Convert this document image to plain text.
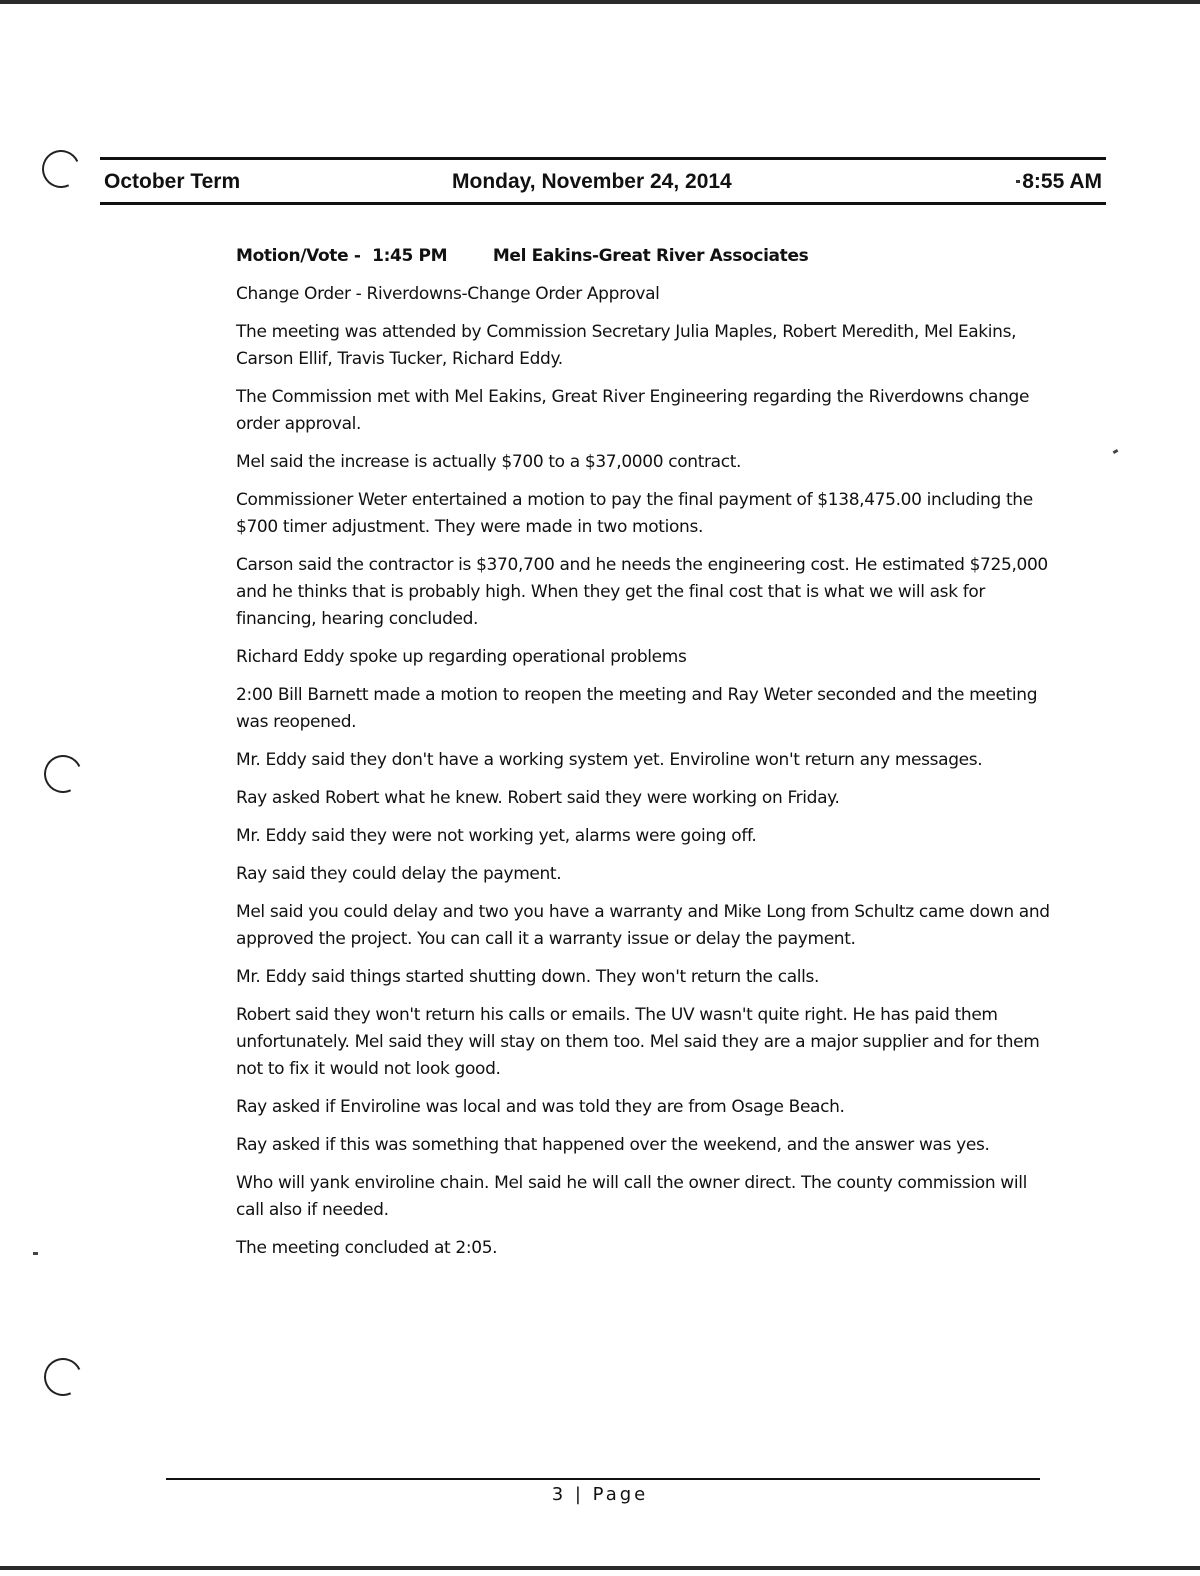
October Term	Monday, November 24, 2014	8:55 AM

Motion/Vote - 1:45 PM	Mel Eakins-Great River Associates

Change Order - Riverdowns-Change Order Approval

The meeting was attended by Commission Secretary Julia Maples, Robert Meredith, Mel Eakins, Carson Ellif, Travis Tucker, Richard Eddy.

The Commission met with Mel Eakins, Great River Engineering regarding the Riverdowns change order approval.

Mel said the increase is actually $700 to a $37,0000 contract.

Commissioner Weter entertained a motion to pay the final payment of $138,475.00 including the $700 timer adjustment. They were made in two motions.

Carson said the contractor is $370,700 and he needs the engineering cost. He estimated $725,000 and he thinks that is probably high. When they get the final cost that is what we will ask for financing, hearing concluded.

Richard Eddy spoke up regarding operational problems

2:00 Bill Barnett made a motion to reopen the meeting and Ray Weter seconded and the meeting was reopened.

Mr. Eddy said they don't have a working system yet. Enviroline won't return any messages.

Ray asked Robert what he knew. Robert said they were working on Friday.

Mr. Eddy said they were not working yet, alarms were going off.

Ray said they could delay the payment.

Mel said you could delay and two you have a warranty and Mike Long from Schultz came down and approved the project. You can call it a warranty issue or delay the payment.

Mr. Eddy said things started shutting down. They won't return the calls.

Robert said they won't return his calls or emails. The UV wasn't quite right. He has paid them unfortunately. Mel said they will stay on them too. Mel said they are a major supplier and for them not to fix it would not look good.

Ray asked if Enviroline was local and was told they are from Osage Beach.

Ray asked if this was something that happened over the weekend, and the answer was yes.

Who will yank enviroline chain. Mel said he will call the owner direct. The county commission will call also if needed.

The meeting concluded at 2:05.

3 | Page
